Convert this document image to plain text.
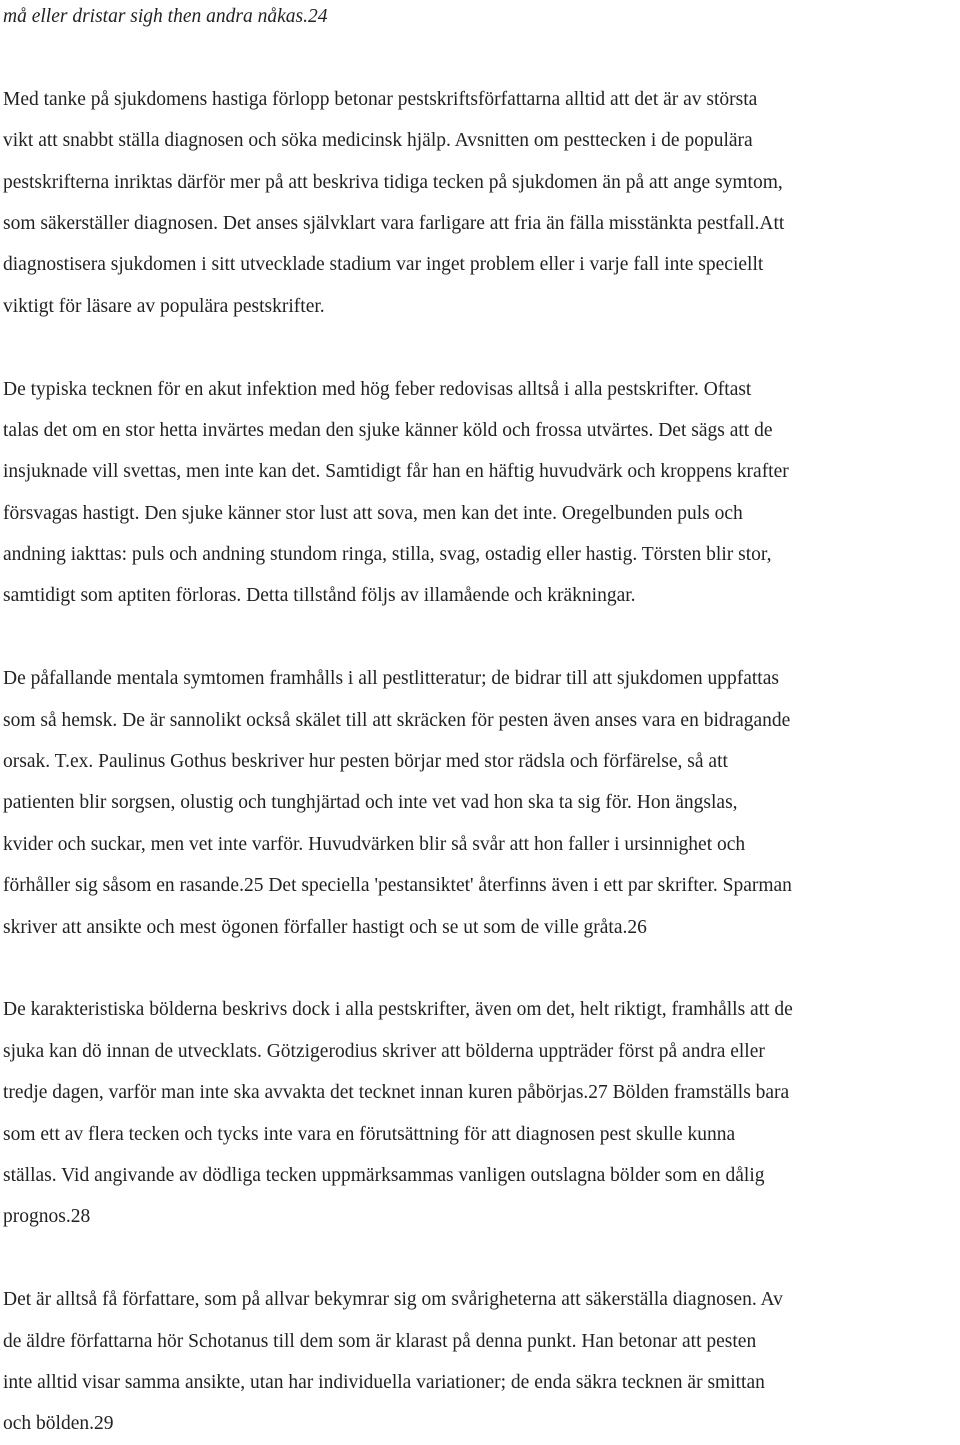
må eller dristar sigh then andra nåkas.24
Med tanke på sjukdomens hastiga förlopp betonar pestskriftsförfattarna alltid att det är av största
vikt att snabbt ställa diagnosen och söka medicinsk hjälp. Avsnitten om pesttecken i de populära
pestskrifterna inriktas därför mer på att beskriva tidiga tecken på sjukdomen än på att ange symtom,
som säkerställer diagnosen. Det anses självklart vara farligare att fria än fälla misstänkta pestfall.Att
diagnostisera sjukdomen i sitt utvecklade stadium var inget problem eller i varje fall inte speciellt
viktigt för läsare av populära pestskrifter.
De typiska tecknen för en akut infektion med hög feber redovisas alltså i alla pestskrifter. Oftast
talas det om en stor hetta invärtes medan den sjuke känner köld och frossa utvärtes. Det sägs att de
insjuknade vill svettas, men inte kan det. Samtidigt får han en häftig huvudvärk och kroppens krafter
försvagas hastigt. Den sjuke känner stor lust att sova, men kan det inte. Oregelbunden puls och
andning iakttas: puls och andning stundom ringa, stilla, svag, ostadig eller hastig. Törsten blir stor,
samtidigt som aptiten förloras. Detta tillstånd följs av illamående och kräkningar.
De påfallande mentala symtomen framhålls i all pestlitteratur; de bidrar till att sjukdomen uppfattas
som så hemsk. De är sannolikt också skälet till att skräcken för pesten även anses vara en bidragande
orsak. T.ex. Paulinus Gothus beskriver hur pesten börjar med stor rädsla och förfärelse, så att
patienten blir sorgsen, olustig och tunghjärtad och inte vet vad hon ska ta sig för. Hon ängslas,
kvider och suckar, men vet inte varför. Huvudvärken blir så svår att hon faller i ursinnighet och
förhåller sig såsom en rasande.25 Det speciella 'pestansiktet' återfinns även i ett par skrifter. Sparman
skriver att ansikte och mest ögonen förfaller hastigt och se ut som de ville gråta.26
De karakteristiska bölderna beskrivs dock i alla pestskrifter, även om det, helt riktigt, framhålls att de
sjuka kan dö innan de utvecklats. Götzigerodius skriver att bölderna uppträder först på andra eller
tredje dagen, varför man inte ska avvakta det tecknet innan kuren påbörjas.27 Bölden framställs bara
som ett av flera tecken och tycks inte vara en förutsättning för att diagnosen pest skulle kunna
ställas. Vid angivande av dödliga tecken uppmärksammas vanligen outslagna bölder som en dålig
prognos.28
Det är alltså få författare, som på allvar bekymrar sig om svårigheterna att säkerställa diagnosen. Av
de äldre författarna hör Schotanus till dem som är klarast på denna punkt. Han betonar att pesten
inte alltid visar samma ansikte, utan har individuella variationer; de enda säkra tecknen är smittan
och bölden.29
